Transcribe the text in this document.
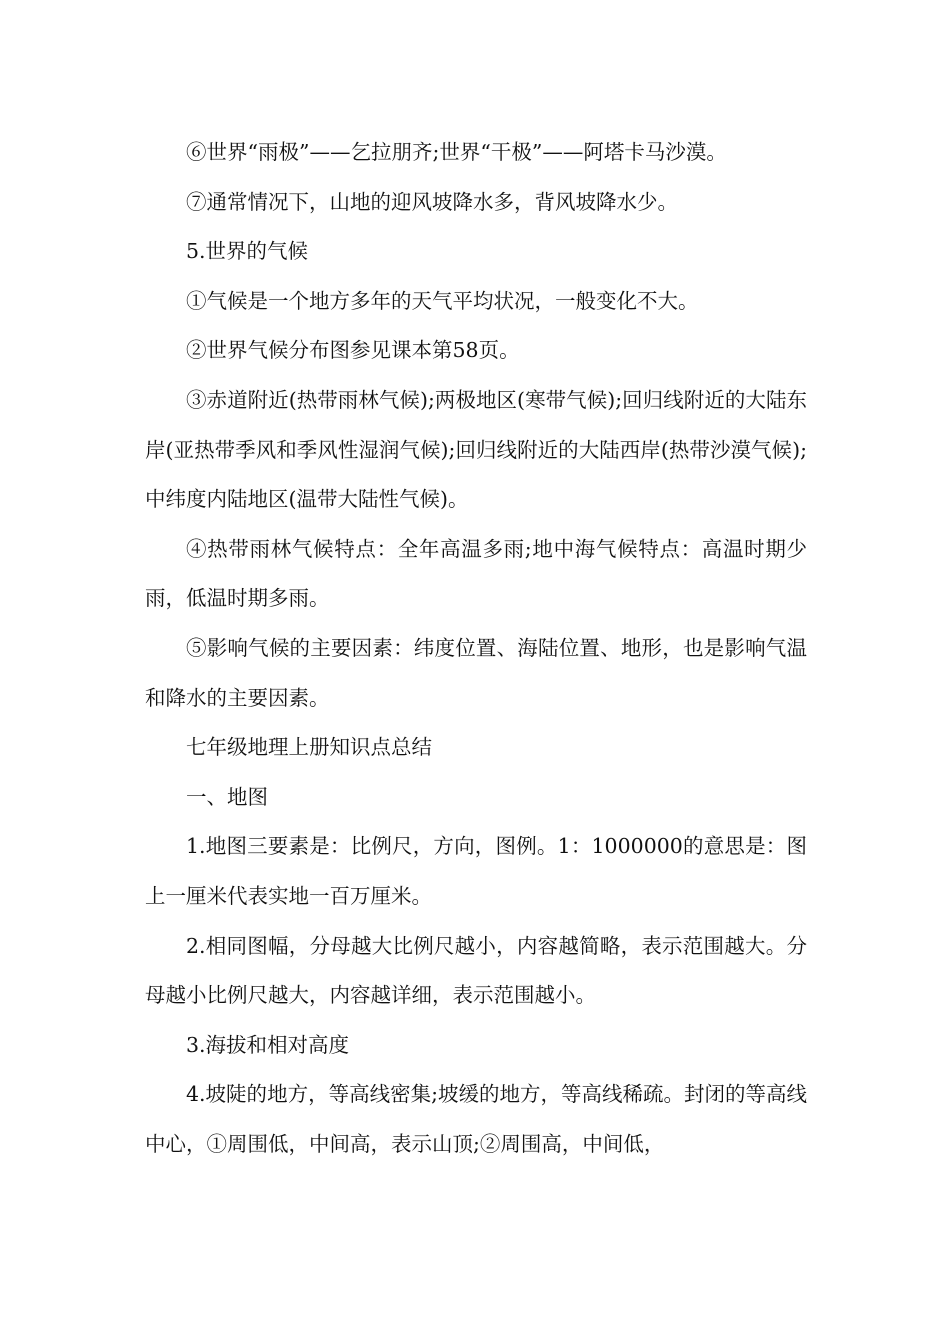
⑥世界“雨极”——乞拉朋齐;世界“干极”——阿塔卡马沙漠。

⑦通常情况下，山地的迎风坡降水多，背风坡降水少。

5.世界的气候

①气候是一个地方多年的天气平均状况，一般变化不大。

②世界气候分布图参见课本第58页。

③赤道附近(热带雨林气候);两极地区(寒带气候);回归线附近的大陆东岸(亚热带季风和季风性湿润气候);回归线附近的大陆西岸(热带沙漠气候);中纬度内陆地区(温带大陆性气候)。

④热带雨林气候特点：全年高温多雨;地中海气候特点：高温时期少雨，低温时期多雨。

⑤影响气候的主要因素：纬度位置、海陆位置、地形，也是影响气温和降水的主要因素。

七年级地理上册知识点总结

一、地图

1.地图三要素是：比例尺，方向，图例。1：1000000的意思是：图上一厘米代表实地一百万厘米。

2.相同图幅，分母越大比例尺越小，内容越简略，表示范围越大。分母越小比例尺越大，内容越详细，表示范围越小。

3.海拔和相对高度

4.坡陡的地方，等高线密集;坡缓的地方，等高线稀疏。封闭的等高线中心，①周围低，中间高，表示山顶;②周围高，中间低，
